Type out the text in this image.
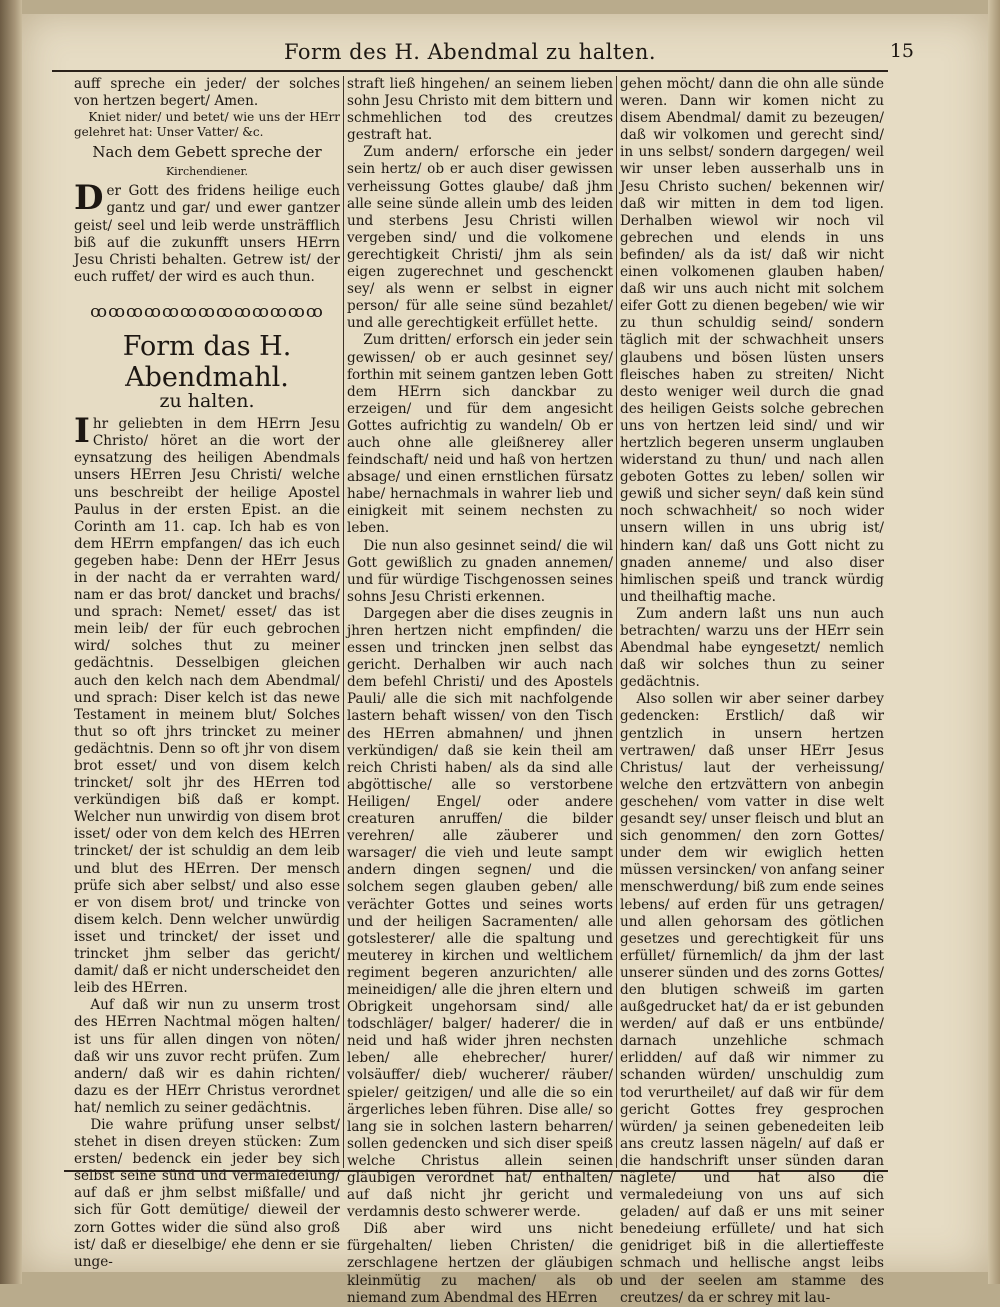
Form des H. Abendmal zu halten.	15

auff spreche ein jeder/ der solches von hertzen begert/ Amen.

Kniet nider/ und betet/ wie uns der HErr gelehret hat: Unser Vatter/ &c.

Nach dem Gebett spreche der

Kirchendiener.

Der Gott des fridens heilige euch gantz und gar/ und ewer gantzer geist/ seel und leib werde unsträfflich biß auf die zukunfft unsers HErrn Jesu Christi behalten. Getrew ist/ der euch ruffet/ der wird es auch thun.

ꝏꝏꝏꝏꝏꝏꝏꝏꝏꝏꝏꝏꝏ
Form das H. Abendmahl.
zu halten.

Ihr geliebten in dem HErrn Jesu Christo/ höret an die wort der eynsatzung des heiligen Abendmals unsers HErren Jesu Christi/ welche uns beschreibt der heilige Apostel Paulus in der ersten Epist. an die Corinth am 11. cap. Ich hab es von dem HErrn empfangen/ das ich euch gegeben habe: Denn der HErr Jesus in der nacht da er verrahten ward/ nam er das brot/ dancket und brachs/ und sprach: Nemet/ esset/ das ist mein leib/ der für euch gebrochen wird/ solches thut zu meiner gedächtnis. Desselbigen gleichen auch den kelch nach dem Abendmal/ und sprach: Diser kelch ist das newe Testament in meinem blut/ Solches thut so oft jhrs trincket zu meiner gedächtnis. Denn so oft jhr von disem brot esset/ und von disem kelch trincket/ solt jhr des HErren tod verkündigen biß daß er kompt. Welcher nun unwirdig von disem brot isset/ oder von dem kelch des HErren trincket/ der ist schuldig an dem leib und blut des HErren. Der mensch prüfe sich aber selbst/ und also esse er von disem brot/ und trincke von disem kelch. Denn welcher unwürdig isset und trincket/ der isset und trincket jhm selber das gericht/ damit/ daß er nicht underscheidet den leib des HErren.

Auf daß wir nun zu unserm trost des HErren Nachtmal mögen halten/ ist uns für allen dingen von nöten/ daß wir uns zuvor recht prüfen. Zum andern/ daß wir es dahin richten/ dazu es der HErr Christus verordnet hat/ nemlich zu seiner gedächtnis.

Die wahre prüfung unser selbst/ stehet in disen dreyen stücken: Zum ersten/ bedenck ein jeder bey sich selbst seine sünd und vermaledeiung/ auf daß er jhm selbst mißfalle/ und sich für Gott demütige/ dieweil der zorn Gottes wider die sünd also groß ist/ daß er dieselbige/ ehe denn er sie unge-

straft ließ hingehen/ an seinem lieben sohn Jesu Christo mit dem bittern und schmehlichen tod des creutzes gestraft hat.

Zum andern/ erforsche ein jeder sein hertz/ ob er auch diser gewissen verheissung Gottes glaube/ daß jhm alle seine sünde allein umb des leiden und sterbens Jesu Christi willen vergeben sind/ und die volkomene gerechtigkeit Christi/ jhm als sein eigen zugerechnet und geschenckt sey/ als wenn er selbst in eigner person/ für alle seine sünd bezahlet/ und alle gerechtigkeit erfüllet hette.

Zum dritten/ erforsch ein jeder sein gewissen/ ob er auch gesinnet sey/ forthin mit seinem gantzen leben Gott dem HErrn sich danckbar zu erzeigen/ und für dem angesicht Gottes aufrichtig zu wandeln/ Ob er auch ohne alle gleißnerey aller feindschaft/ neid und haß von hertzen absage/ und einen ernstlichen fürsatz habe/ hernachmals in wahrer lieb und einigkeit mit seinem nechsten zu leben.

Die nun also gesinnet seind/ die wil Gott gewißlich zu gnaden annemen/ und für würdige Tischgenossen seines sohns Jesu Christi erkennen.

Dargegen aber die dises zeugnis in jhren hertzen nicht empfinden/ die essen und trincken jnen selbst das gericht. Derhalben wir auch nach dem befehl Christi/ und des Apostels Pauli/ alle die sich mit nachfolgende lastern behaft wissen/ von den Tisch des HErren abmahnen/ und jhnen verkündigen/ daß sie kein theil am reich Christi haben/ als da sind alle abgöttische/ alle so verstorbene Heiligen/ Engel/ oder andere creaturen anruffen/ die bilder verehren/ alle zäuberer und warsager/ die vieh und leute sampt andern dingen segnen/ und die solchem segen glauben geben/ alle verächter Gottes und seines worts und der heiligen Sacramenten/ alle gotslesterer/ alle die spaltung und meuterey in kirchen und weltlichem regiment begeren anzurichten/ alle meineidigen/ alle die jhren eltern und Obrigkeit ungehorsam sind/ alle todschläger/ balger/ haderer/ die in neid und haß wider jhren nechsten leben/ alle ehebrecher/ hurer/ volsäuffer/ dieb/ wucherer/ räuber/ spieler/ geitzigen/ und alle die so ein ärgerliches leben führen. Dise alle/ so lang sie in solchen lastern beharren/ sollen gedencken und sich diser speiß welche Christus allein seinen gläubigen verordnet hat/ enthalten/ auf daß nicht jhr gericht und verdamnis desto schwerer werde.

Diß aber wird uns nicht fürgehalten/ lieben Christen/ die zerschlagene hertzen der gläubigen kleinmütig zu machen/ als ob niemand zum Abendmal des HErren

gehen möcht/ dann die ohn alle sünde weren. Dann wir komen nicht zu disem Abendmal/ damit zu bezeugen/ daß wir volkomen und gerecht sind/ in uns selbst/ sondern dargegen/ weil wir unser leben ausserhalb uns in Jesu Christo suchen/ bekennen wir/ daß wir mitten in dem tod ligen. Derhalben wiewol wir noch vil gebrechen und elends in uns befinden/ als da ist/ daß wir nicht einen volkomenen glauben haben/ daß wir uns auch nicht mit solchem eifer Gott zu dienen begeben/ wie wir zu thun schuldig seind/ sondern täglich mit der schwachheit unsers glaubens und bösen lüsten unsers fleisches haben zu streiten/ Nicht desto weniger weil durch die gnad des heiligen Geists solche gebrechen uns von hertzen leid sind/ und wir hertzlich begeren unserm unglauben widerstand zu thun/ und nach allen geboten Gottes zu leben/ sollen wir gewiß und sicher seyn/ daß kein sünd noch schwachheit/ so noch wider unsern willen in uns ubrig ist/ hindern kan/ daß uns Gott nicht zu gnaden anneme/ und also diser himlischen speiß und tranck würdig und theilhaftig mache.

Zum andern laßt uns nun auch betrachten/ warzu uns der HErr sein Abendmal habe eyngesetzt/ nemlich daß wir solches thun zu seiner gedächtnis.

Also sollen wir aber seiner darbey gedencken: Erstlich/ daß wir gentzlich in unsern hertzen vertrawen/ daß unser HErr Jesus Christus/ laut der verheissung/ welche den ertzvättern von anbegin geschehen/ vom vatter in dise welt gesandt sey/ unser fleisch und blut an sich genommen/ den zorn Gottes/ under dem wir ewiglich hetten müssen versincken/ von anfang seiner menschwerdung/ biß zum ende seines lebens/ auf erden für uns getragen/ und allen gehorsam des götlichen gesetzes und gerechtigkeit für uns erfüllet/ fürnemlich/ da jhm der last unserer sünden und des zorns Gottes/ den blutigen schweiß im garten außgedrucket hat/ da er ist gebunden werden/ auf daß er uns entbünde/ darnach unzehliche schmach erlidden/ auf daß wir nimmer zu schanden würden/ unschuldig zum tod verurtheilet/ auf daß wir für dem gericht Gottes frey gesprochen würden/ ja seinen gebenedeiten leib ans creutz lassen nägeln/ auf daß er die handschrift unser sünden daran näglete/ und hat also die vermaledeiung von uns auf sich geladen/ auf daß er uns mit seiner benedeiung erfüllete/ und hat sich genidriget biß in die allertieffeste schmach und hellische angst leibs und der seelen am stamme des creutzes/ da er schrey mit lau-
